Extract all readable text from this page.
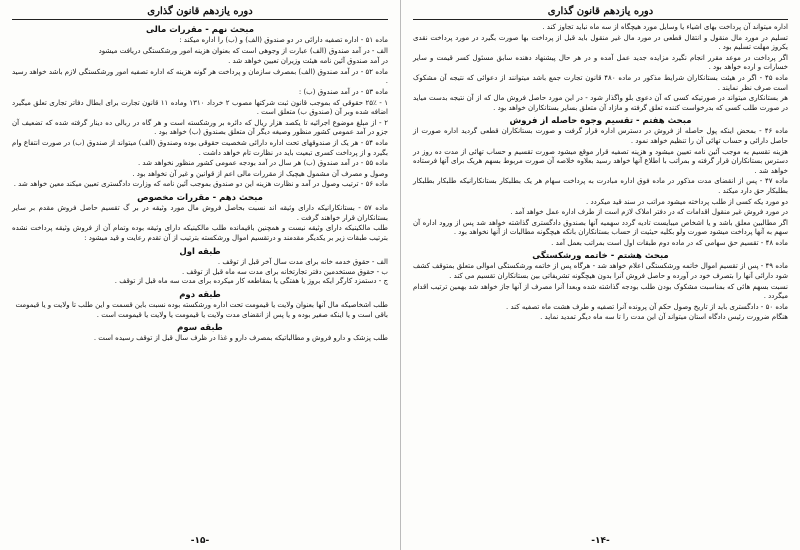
دوره یازدهم قانون گذاری
مبحث نهم - مقررات مالی
ماده ۵۱ - اداره تصفیه دارائی در دو صندوق (الف) و (ب) را اداره میکند :
الف - در آمد صندوق (الف) عبارت از وجوهی است که بعنوان هزینه امور ورشکستگی دریافت میشود
در آمد صندوق آئین نامه هیئت وزیران تعیین خواهد شد .
ماده ۵۲ - در آمد صندوق (الف) بمصرف سازمان و پرداخت هر گونه هزینه که اداره تصفیه امور ورشکستگی لازم باشد خواهد رسید .
ماده ۵۳ - در آمد صندوق (ب) :
۱ - ۲۵٪ حقوقی که بموجب قانون ثبت شرکتها مصوب ۲ خرداد ۱۳۱۰ وماده ۱۱ قانون تجارت برای ابطال دفاتر تجاری تعلق میگیرد اضافه شده وبر آن (صندوق ب) متعلق است .
۲ - از مبلغ موضوع اجرائیه تا یکصد هزار ریال که دائره بر ورشکسته است و هر گاه در ربالی ده دینار گرفته شده که تضعیف آن جزو در آمد عمومی کشور منظور وصیغه دیگر آن متعلق بصندوق (ب) خواهد بود .
ماده ۵۴ - هر یک از صندوقهای تحت اداره دارائی شخصیت حقوقی بوده وصندوق (الف) میتواند از صندوق (ب) در صورت انتفاع وام بگیرد و از پرداخت کسری تبعیت باید در نظارت تام خواهد داشت .
ماده ۵۵ - در آمد صندوق (ب) هر سال در آمد بودجه عمومی کشور منظور نخواهد شد .
وصول و مصرف آن مشمول هیچیک از مقررات مالی اعم از قوانین و غیر آن نخواهد بود .
ماده ۵۶ - ترتیب وصول در آمد و نظارت هزینه این دو صندوق بموجب آئین نامه که وزارت دادگستری تعیین میکند معین خواهد شد .
مبحث دهم - مقررات مخصوص
ماده ۵۷ - بستانکارانیکه دارای وثیقه اند نسبت بحاصل فروش مال مورد وثیقه در بر گ تقسیم حاصل فروش مقدم بر سایر بستانکاران قرار خواهند گرفت .
طلب مالکینیکه دارای وثیقه نیست و همچنین باقیمانده طلب مالکینیکه دارای وثیقه بوده وتمام آن از فروش وثیقه پرداخت نشده بترتیب طبقات زیر بر یکدیگر مقدمند و درتقسیم اموال ورشکسته بترتیب از آن تقدم رعایت و قید میشود :
طبقه اول
الف - حقوق خدمه خانه برای مدت سال آخر قبل از توقف .
ب - حقوق مستخدمین دفتر تجارتخانه برای مدت سه ماه قبل از توقف .
ج - دستمزد کارگر ایکه بروز یا هفتگی یا بمقاطعه کار میکرده برای مدت سه ماه قبل از توقف .
طبقه دوم
طلب اشخاصیکه مال آنها بعنوان ولایت یا قیمومت تحت اداره ورشکسته بوده نسبت باین قسمت و این طلب تا ولایت و یا قیمومت باقی است و یا اینکه صغیر بوده و یا پس از انقضای مدت ولایت یا قیمومت یا ولایت یا قیمومت است .
طبقه سوم
طلب پزشک و دارو فروش و مطالباتیکه بمصرف دارو و غذا در ظرف سال قبل از توقف رسیده است .
-۱۵-
دوره یازدهم قانون گذاری
اداره میتواند آن پرداخت بهای اشیاء یا وسایل مورد هیچگاه از سه ماه نباید تجاوز کند .
تسلیم در مورد مال منقول و انتقال قطعی در مورد مال غیر منقول باید قبل از پرداخت بها صورت بگیرد در مورد پرداخت نقدی یکروز مهلت تسلیم بود .
اگر پرداخت در موعد مقرر انجام نگیرد مزایده جدید عمل آمده و در هر حال پیشنهاد دهنده سابق مسئول کسر قیمت و سایر خسارات و ارده خواهد بود .
ماده ۴۵ - اگر در هیئت بستانکاران شرایط مذکور در ماده ۴۸۰ قانون تجارت جمع باشد میتوانند از دعوائی که نتیجه آن مشکوک است صرف نظر نمایند .
هر بستانکاری میتواند در صورتیکه کسی که آن دعوی بلو واگذار شود - در این مورد حاصل فروش مال که از آن نتیجه بدست میاید در صورت طلب کسی که بدرخواست کننده تعلق گرفته و مازاد آن متعلق بسایر بستانکاران خواهد بود .
مبحث هفتم - تقسیم وجوه حاصله از فروش
ماده ۴۶ - بمحض اینکه پول حاصله از فروش در دسترس اداره قرار گرفت و صورت بستانکاران قطعی گردید اداره صورت از حاصل دارائی و حساب تهائی آن را تنظیم خواهد نمود .
هزینه تقسیم به موجب آئین نامه تعیین میشود و هزینه تصفیه قرار موقع میشود صورت تقسیم و حساب تهائی از مدت ده روز در دسترس بستانکاران قرار گرفته و بمراتب با اطلاع آنها خواهد رسید بعلاوه خلاصه آن صورت مربوط بسهم هریک برای آنها فرستاده خواهد شد .
ماده ۴۷ - پس از انقضای مدت مذکور در ماده فوق اداره مبادرت به پرداخت سهام هر یک بطلبکار بستانکارانیکه طلبکار بطلبکار بطلبکار حق دارد میکند .
دو مورد یکه کسی از طلب پرداخته میشود مراتب در سند قید میکردد .
در مورد فروش غیر منقول اقدامات که در دفتر املاک لازم است از طرف اداره عمل خواهد آمد .
اگر مطالبین معلق باشد و یا اشخاص میبایست تادیه گردد سهمیه آنها بصندوق دادگستری گذاشته خواهد شد پس از ورود اداره آن سهم به آنها پرداخت میشود صورت ولو بکلیه حیثیت از حساب بستانکاران بانکه هیچگونه مطالبات از آنها نخواهد بود .
ماده ۴۸ - تقسیم حق سهامی که در ماده دوم طبقات اول است بمراتب بعمل آمد .
مبحث هشتم - خاتمه ورشکستگی
ماده ۴۹ - پس از تقسیم اموال خاتمه ورشکستگی اعلام خواهد شد - هرگاه پس از خاتمه ورشکستگی اموالی متعلق بمتوقف کشف شود دارائی آنها را بتصرف خود در آورده و حاصل فروش آنرا بدون هیچگونه تشریفاتی بین بستانکاران تقسیم می کند .
نسبت بسهم هائی که بمناسبت مشکوک بودن طلب بودجه گذاشته شده وبعدا آنرا مصرف از آنها جاز خواهد شد بهمین ترتیب اقدام میگردد .
ماده ۵۰ - دادگستری باید از تاریخ وصول حکم آن پرونده آنرا تصفیه و طرف هشت ماه تصفیه کند .
هنگام ضرورت رئیس دادگاه استان میتواند آن این مدت را تا سه ماه دیگر تمدید نماید .
-۱۴-
